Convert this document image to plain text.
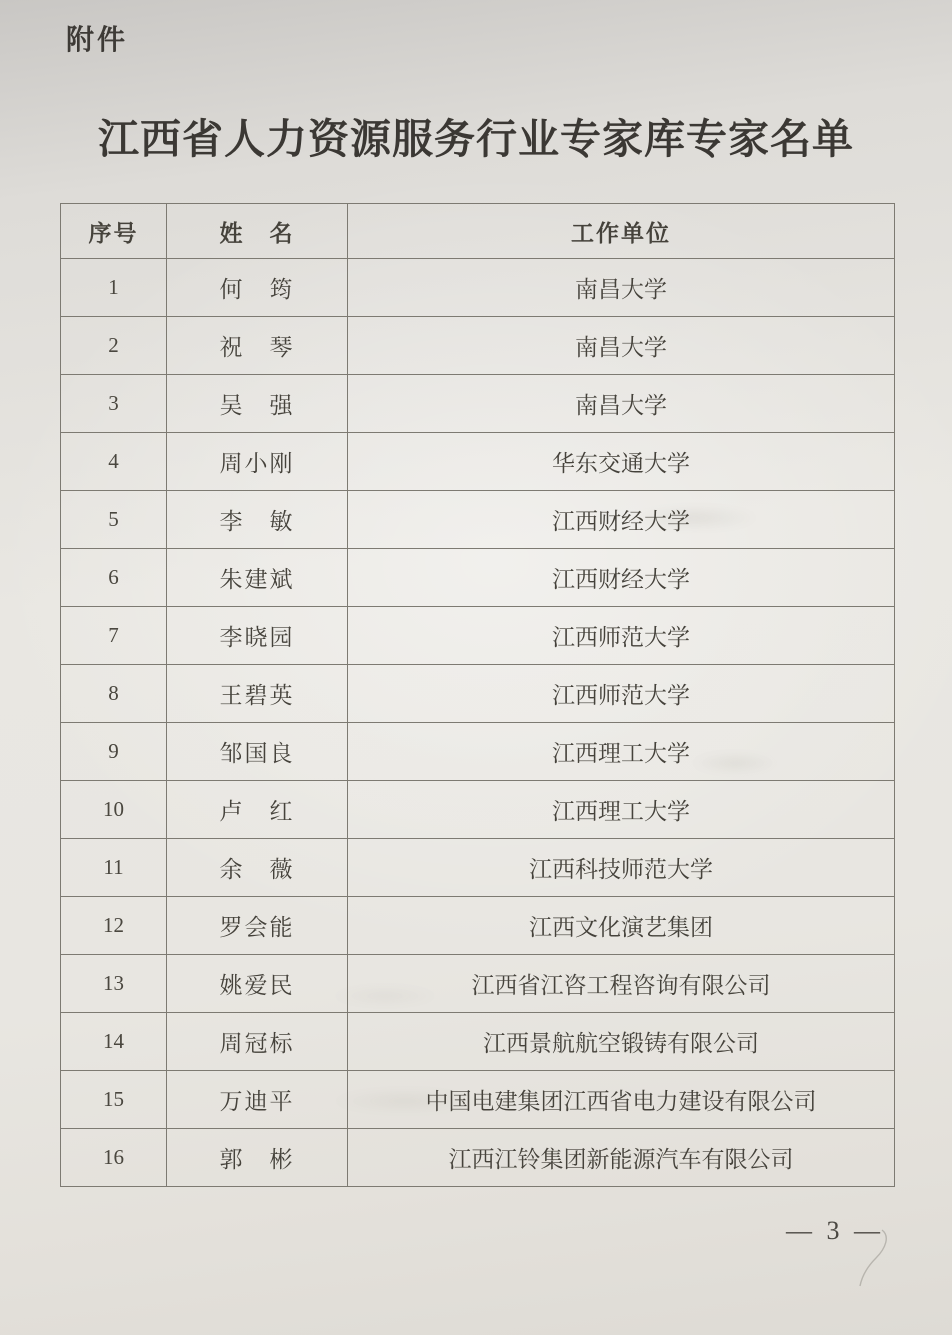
附件
江西省人力资源服务行业专家库专家名单
序号	姓　名	工作单位
1	何　筠	南昌大学
2	祝　琴	南昌大学
3	吴　强	南昌大学
4	周小刚	华东交通大学
5	李　敏	江西财经大学
6	朱建斌	江西财经大学
7	李晓园	江西师范大学
8	王碧英	江西师范大学
9	邹国良	江西理工大学
10	卢　红	江西理工大学
11	余　薇	江西科技师范大学
12	罗会能	江西文化演艺集团
13	姚爱民	江西省江咨工程咨询有限公司
14	周冠标	江西景航航空锻铸有限公司
15	万迪平	中国电建集团江西省电力建设有限公司
16	郭　彬	江西江铃集团新能源汽车有限公司
— 3 —
